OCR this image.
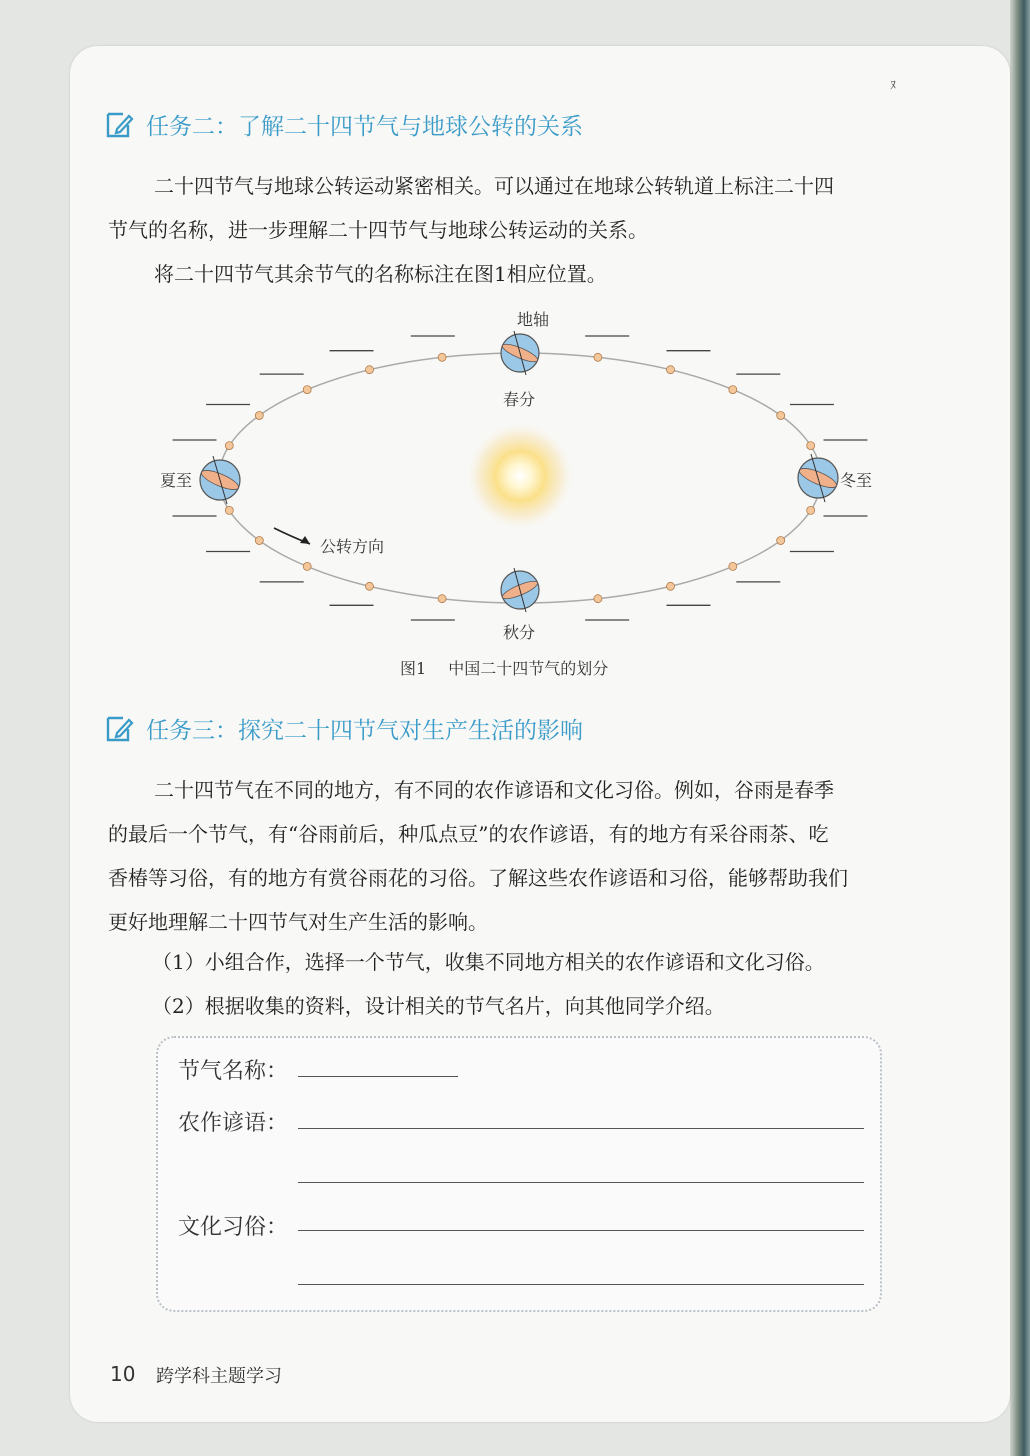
ﾇ
任务二：了解二十四节气与地球公转的关系

二十四节气与地球公转运动紧密相关。可以通过在地球公转轨道上标注二十四
节气的名称，进一步理解二十四节气与地球公转运动的关系。

将二十四节气其余节气的名称标注在图1相应位置。

地轴
春分
夏至	冬至
秋分
公转方向
图1 中国二十四节气的划分
任务三：探究二十四节气对生产生活的影响

二十四节气在不同的地方，有不同的农作谚语和文化习俗。例如，谷雨是春季
的最后一个节气，有“谷雨前后，种瓜点豆”的农作谚语，有的地方有采谷雨茶、吃
香椿等习俗，有的地方有赏谷雨花的习俗。了解这些农作谚语和习俗，能够帮助我们
更好地理解二十四节气对生产生活的影响。

（1）小组合作，选择一个节气，收集不同地方相关的农作谚语和文化习俗。

（2）根据收集的资料，设计相关的节气名片，向其他同学介绍。

节气名称：
农作谚语：
文化习俗：
10 跨学科主题学习
